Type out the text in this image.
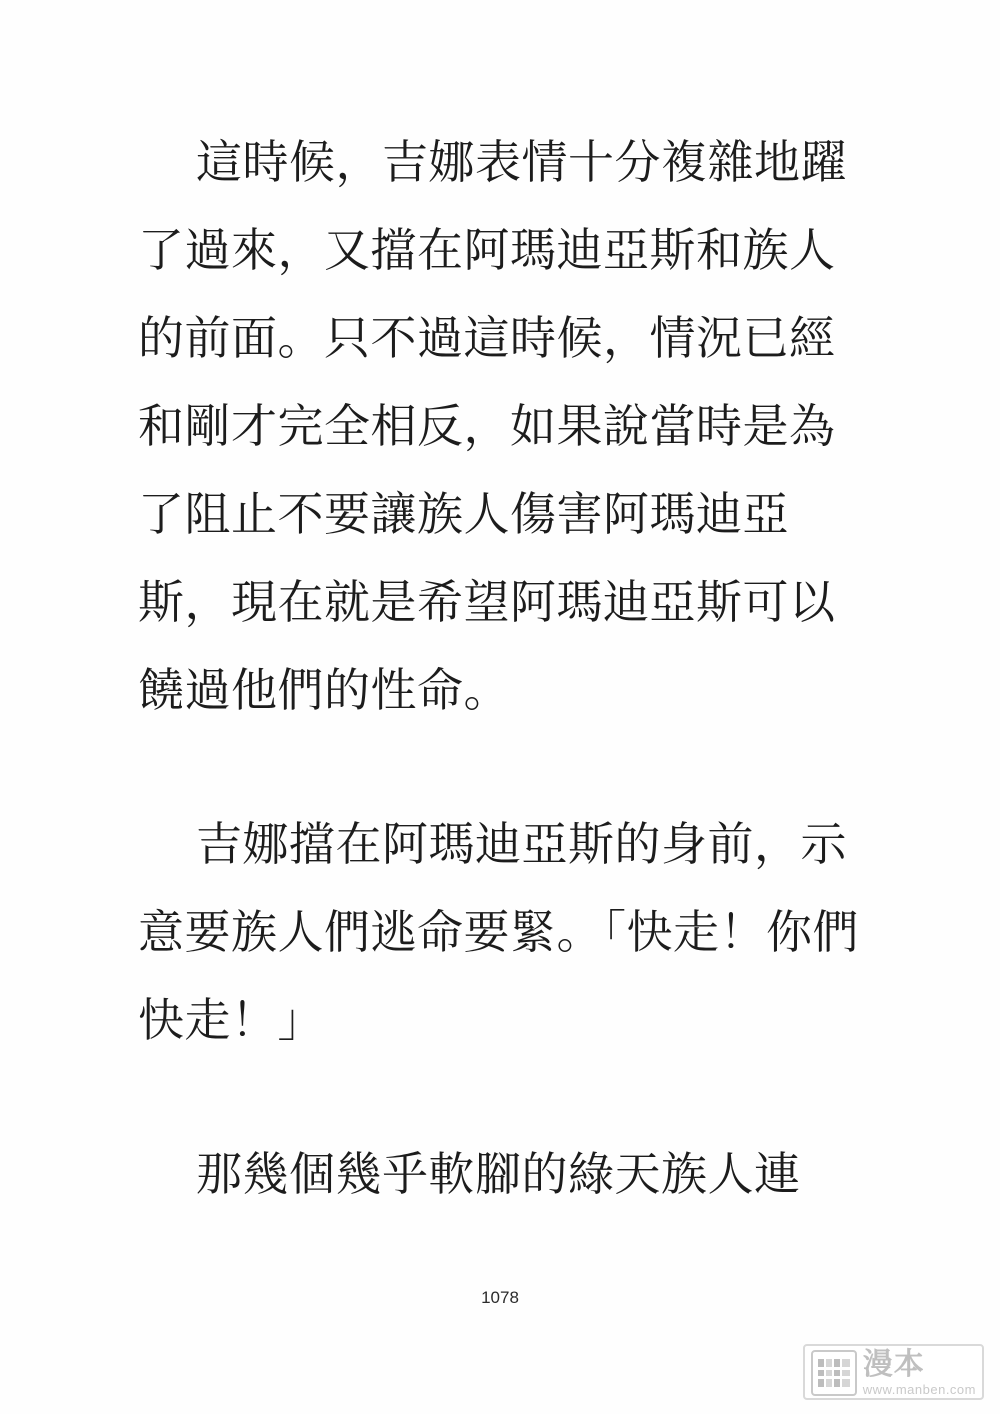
這時候，吉娜表情十分複雜地躍了過來，又擋在阿瑪迪亞斯和族人的前面。只不過這時候，情況已經和剛才完全相反，如果說當時是為了阻止不要讓族人傷害阿瑪迪亞斯，現在就是希望阿瑪迪亞斯可以饒過他們的性命。

吉娜擋在阿瑪迪亞斯的身前，示意要族人們逃命要緊。「快走！你們快走！」

那幾個幾乎軟腳的綠天族人連

1078
漫本
www.manben.com
